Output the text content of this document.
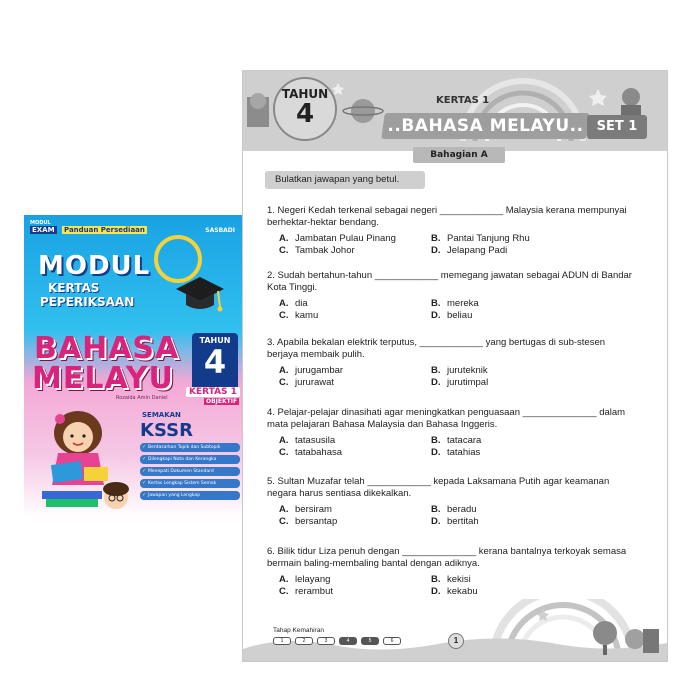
MODUL
EXAM Panduan Persediaan	SASBADI
MODUL
KERTAS
PEPERIKSAAN
BAHASA
MELAYU
TAHUN
4
KERTAS 1
OBJEKTIF
Rozaida Amin Daniel
SEMAKAN
KSSR
✓ Berdasarkan Topik dan Subtopik
✓ Dilengkapi Nota dan Kerangka
✓ Menepati Dokumen Standard
✓ Kertas Lengkap Sistem Semak
✓ Jawapan yang Lengkap
TAHUN
4	KERTAS 1
..BAHASA MELAYU..	SET 1
Bahagian A
Bulatkan jawapan yang betul.
1. Negeri Kedah terkenal sebagai negeri ____________ Malaysia kerana mempunyai berhektar-hektar bendang.
A. Jambatan Pulau Pinang	B. Pantai Tanjung Rhu
C. Tambak Johor	D. Jelapang Padi
2. Sudah bertahun-tahun ____________ memegang jawatan sebagai ADUN di Bandar Kota Tinggi.
A. dia	B. mereka
C. kamu	D. beliau
3. Apabila bekalan elektrik terputus, ____________ yang bertugas di sub-stesen berjaya membaik pulih.
A. jurugambar	B. juruteknik
C. jururawat	D. jurutimpal
4. Pelajar-pelajar dinasihati agar meningkatkan penguasaan ______________ dalam mata pelajaran Bahasa Malaysia dan Bahasa Inggeris.
A. tatasusila	B. tatacara
C. tatabahasa	D. tatahias
5. Sultan Muzafar telah ____________ kepada Laksamana Putih agar keamanan negara harus sentiasa dikekalkan.
A. bersiram	B. beradu
C. bersantap	D. bertitah
6. Bilik tidur Liza penuh dengan ______________ kerana bantalnya terkoyak semasa bermain baling-membaling bantal dengan adiknya.
A. lelayang	B. kekisi
C. rerambut	D. kekabu
Tahap Kemahiran
1	2	3	4	5	6	1
